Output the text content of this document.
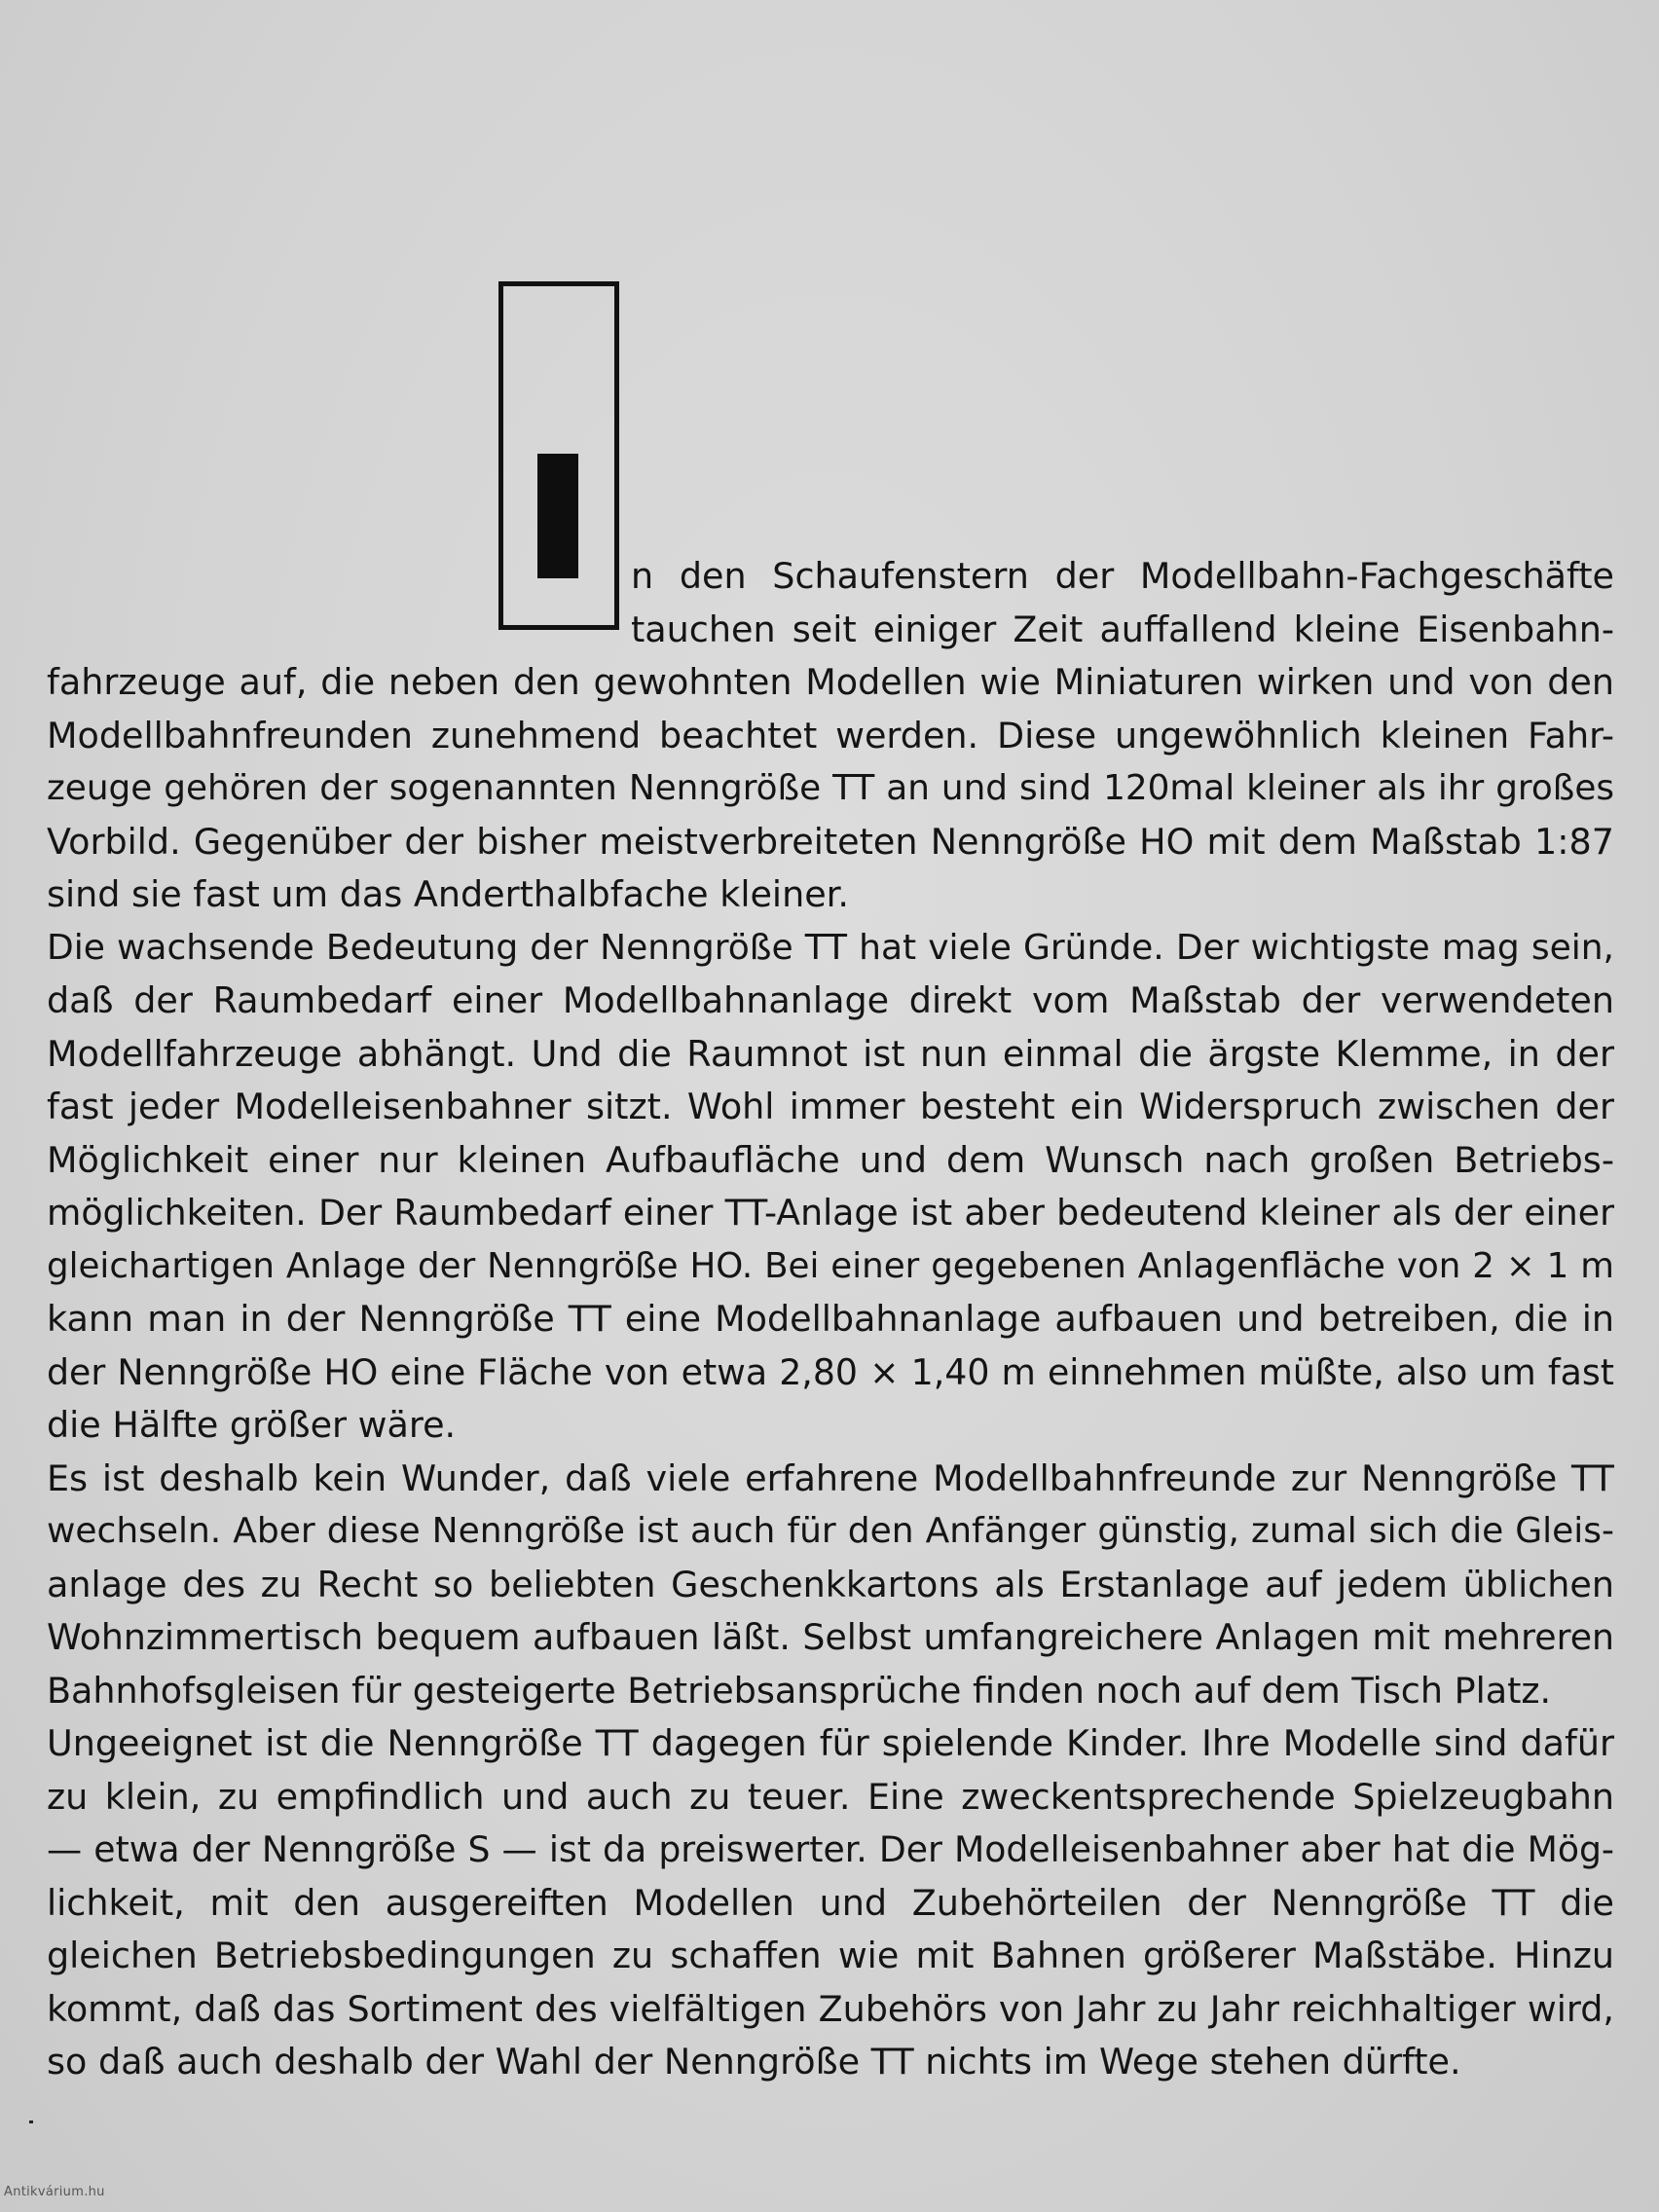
n den Schaufenstern der Modellbahn-Fachgeschäfte
tauchen seit einiger Zeit auffallend kleine Eisenbahn-
fahrzeuge auf, die neben den gewohnten Modellen wie Miniaturen wirken und von den
Modellbahnfreunden zunehmend beachtet werden. Diese ungewöhnlich kleinen Fahr-
zeuge gehören der sogenannten Nenngröße TT an und sind 120mal kleiner als ihr großes
Vorbild. Gegenüber der bisher meistverbreiteten Nenngröße HO mit dem Maßstab 1:87
sind sie fast um das Anderthalbfache kleiner.
Die wachsende Bedeutung der Nenngröße TT hat viele Gründe. Der wichtigste mag sein,
daß der Raumbedarf einer Modellbahnanlage direkt vom Maßstab der verwendeten
Modellfahrzeuge abhängt. Und die Raumnot ist nun einmal die ärgste Klemme, in der
fast jeder Modelleisenbahner sitzt. Wohl immer besteht ein Widerspruch zwischen der
Möglichkeit einer nur kleinen Aufbaufläche und dem Wunsch nach großen Betriebs-
möglichkeiten. Der Raumbedarf einer TT-Anlage ist aber bedeutend kleiner als der einer
gleichartigen Anlage der Nenngröße HO. Bei einer gegebenen Anlagenfläche von 2 × 1 m
kann man in der Nenngröße TT eine Modellbahnanlage aufbauen und betreiben, die in
der Nenngröße HO eine Fläche von etwa 2,80 × 1,40 m einnehmen müßte, also um fast
die Hälfte größer wäre.
Es ist deshalb kein Wunder, daß viele erfahrene Modellbahnfreunde zur Nenngröße TT
wechseln. Aber diese Nenngröße ist auch für den Anfänger günstig, zumal sich die Gleis-
anlage des zu Recht so beliebten Geschenkkartons als Erstanlage auf jedem üblichen
Wohnzimmertisch bequem aufbauen läßt. Selbst umfangreichere Anlagen mit mehreren
Bahnhofsgleisen für gesteigerte Betriebsansprüche finden noch auf dem Tisch Platz.
Ungeeignet ist die Nenngröße TT dagegen für spielende Kinder. Ihre Modelle sind dafür
zu klein, zu empfindlich und auch zu teuer. Eine zweckentsprechende Spielzeugbahn
— etwa der Nenngröße S — ist da preiswerter. Der Modelleisenbahner aber hat die Mög-
lichkeit, mit den ausgereiften Modellen und Zubehörteilen der Nenngröße TT die
gleichen Betriebsbedingungen zu schaffen wie mit Bahnen größerer Maßstäbe. Hinzu
kommt, daß das Sortiment des vielfältigen Zubehörs von Jahr zu Jahr reichhaltiger wird,
so daß auch deshalb der Wahl der Nenngröße TT nichts im Wege stehen dürfte.
Antikvárium.hu
